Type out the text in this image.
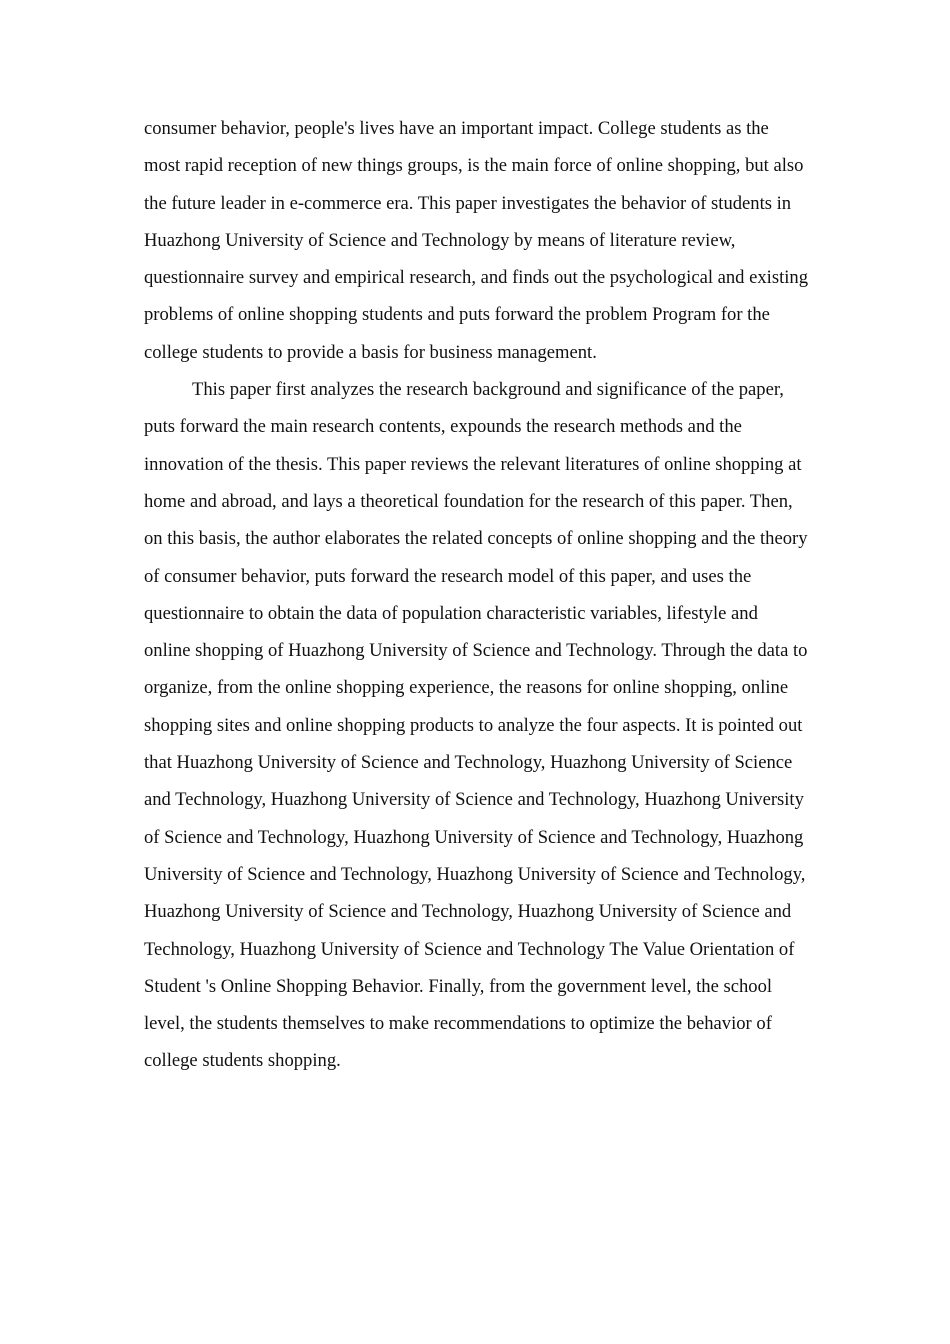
consumer behavior, people's lives have an important impact. College students as the most rapid reception of new things groups, is the main force of online shopping, but also the future leader in e-commerce era. This paper investigates the behavior of students in Huazhong University of Science and Technology by means of literature review, questionnaire survey and empirical research, and finds out the psychological and existing problems of online shopping students and puts forward the problem Program for the college students to provide a basis for business management.

This paper first analyzes the research background and significance of the paper, puts forward the main research contents, expounds the research methods and the innovation of the thesis. This paper reviews the relevant literatures of online shopping at home and abroad, and lays a theoretical foundation for the research of this paper. Then, on this basis, the author elaborates the related concepts of online shopping and the theory of consumer behavior, puts forward the research model of this paper, and uses the questionnaire to obtain the data of population characteristic variables, lifestyle and online shopping of Huazhong University of Science and Technology. Through the data to organize, from the online shopping experience, the reasons for online shopping, online shopping sites and online shopping products to analyze the four aspects. It is pointed out that Huazhong University of Science and Technology, Huazhong University of Science and Technology, Huazhong University of Science and Technology, Huazhong University of Science and Technology, Huazhong University of Science and Technology, Huazhong University of Science and Technology, Huazhong University of Science and Technology, Huazhong University of Science and Technology, Huazhong University of Science and Technology, Huazhong University of Science and Technology The Value Orientation of Student 's Online Shopping Behavior. Finally, from the government level, the school level, the students themselves to make recommendations to optimize the behavior of college students shopping.
